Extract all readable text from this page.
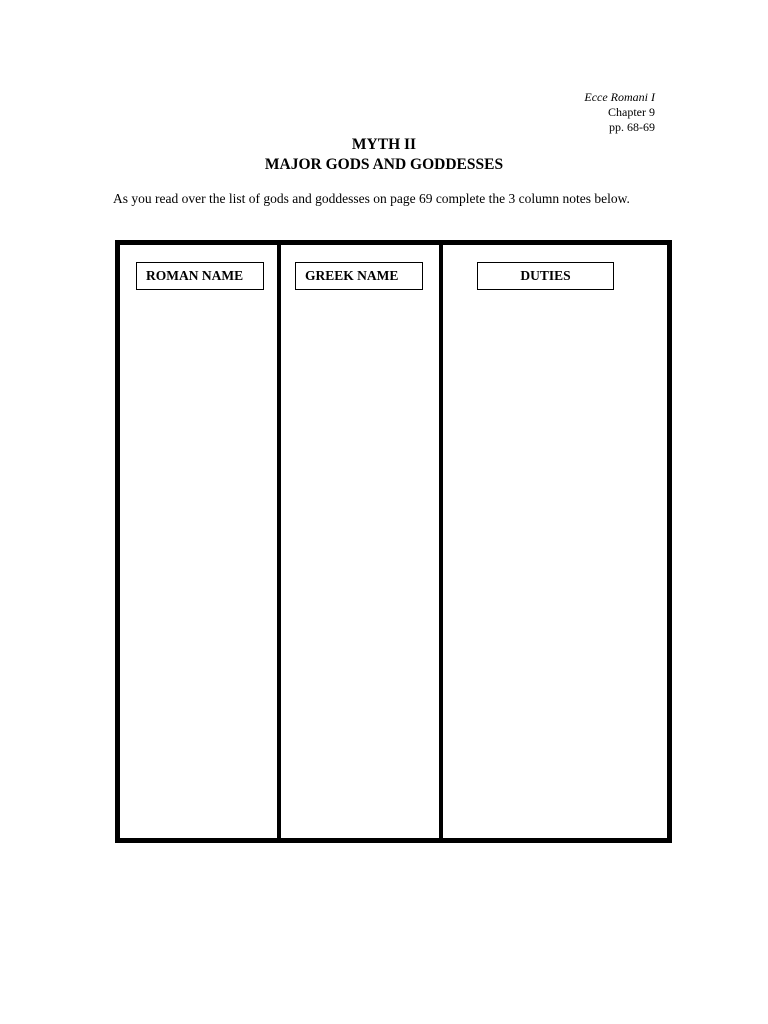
Ecce Romani I
Chapter 9
pp. 68-69
MYTH II
MAJOR GODS AND GODDESSES
As you read over the list of gods and goddesses on page 69 complete the 3 column notes below.
ROMAN NAME	GREEK NAME	DUTIES
